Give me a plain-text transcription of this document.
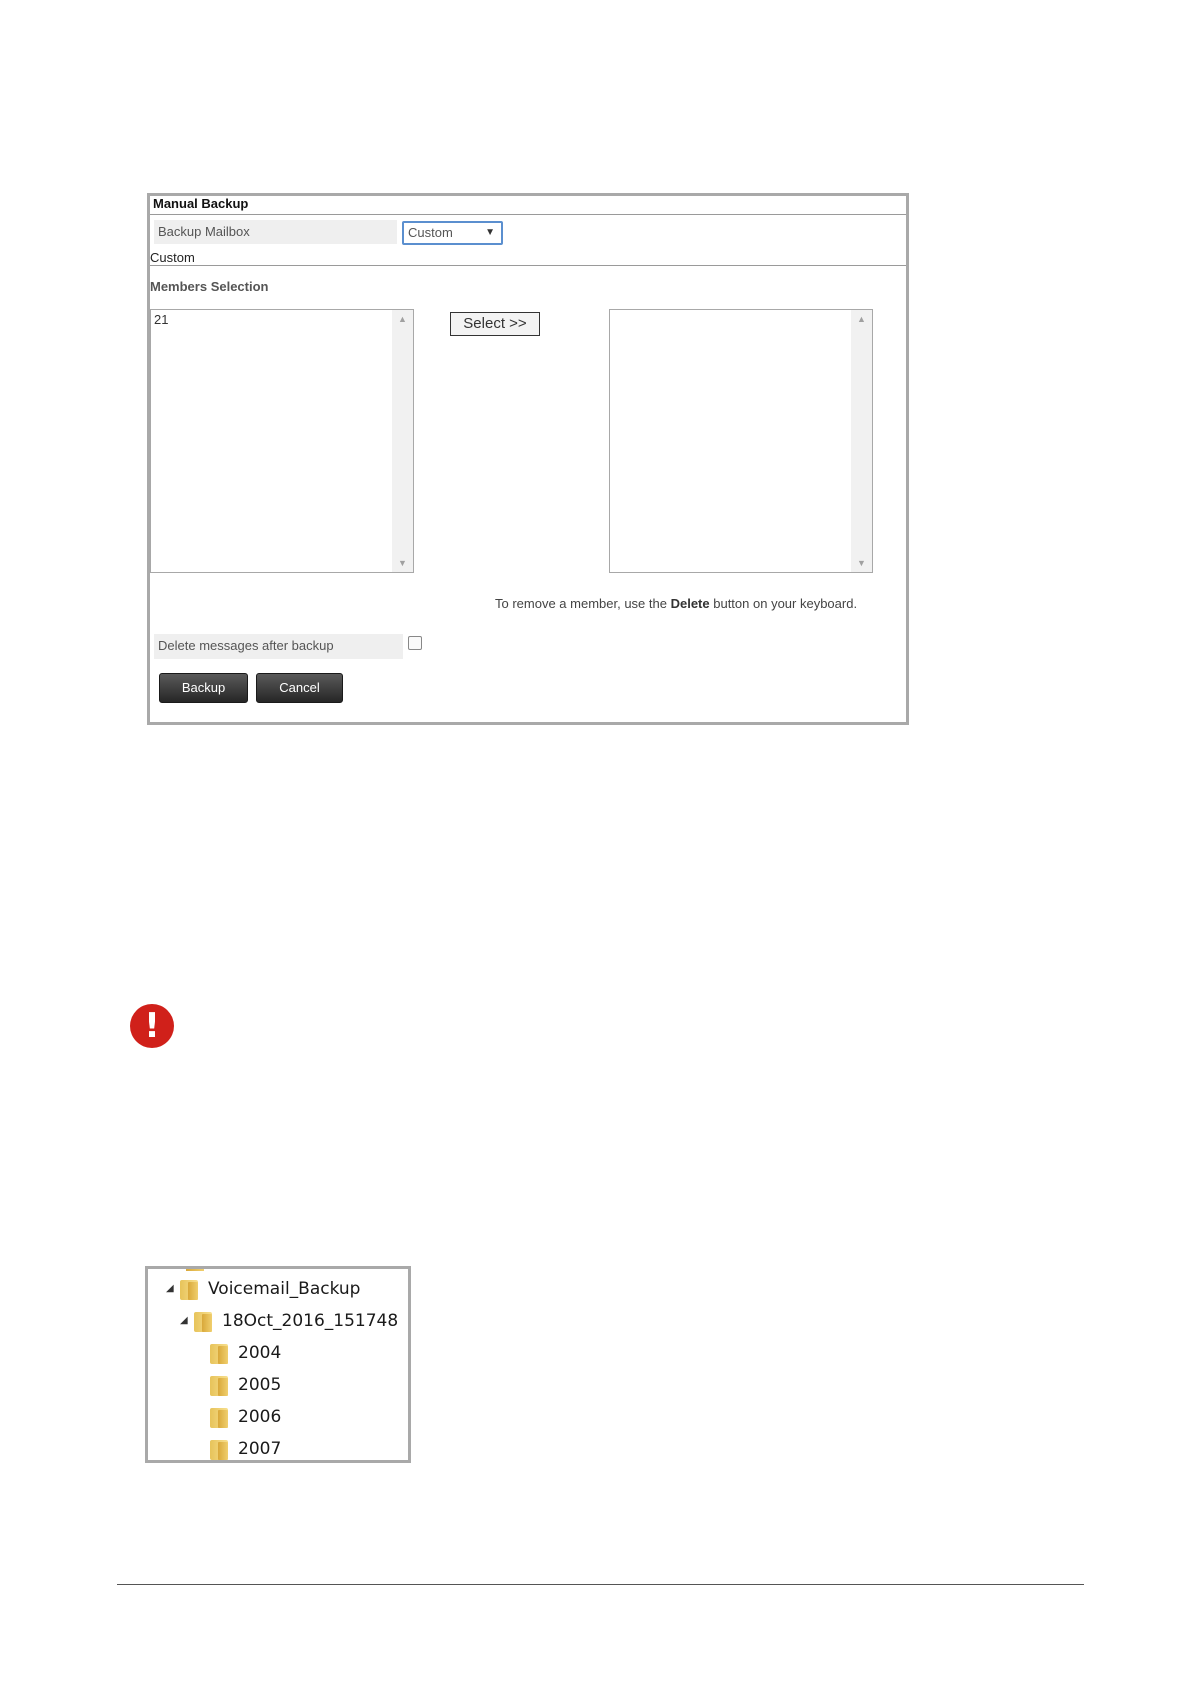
Manual Backup
Backup Mailbox	Custom	▼
Custom
Members Selection
21	▲
▼
Select >>	▲
▼
To remove a member, use the Delete button on your keyboard.
Delete messages after backup
Backup	Cancel
!
◢ Voicemail_Backup
◢ 18Oct_2016_151748
2004
2005
2006
2007
